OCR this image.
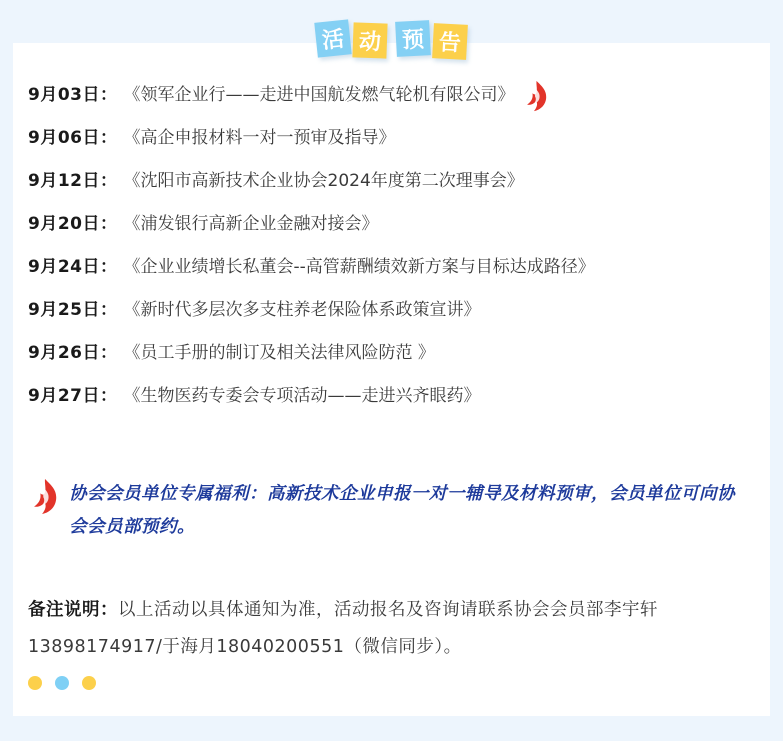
活 动 预 告
9月03日： 《领军企业行——走进中国航发燃气轮机有限公司》
9月06日： 《高企申报材料一对一预审及指导》
9月12日： 《沈阳市高新技术企业协会2024年度第二次理事会》
9月20日： 《浦发银行高新企业金融对接会》
9月24日： 《企业业绩增长私董会--高管薪酬绩效新方案与目标达成路径》
9月25日： 《新时代多层次多支柱养老保险体系政策宣讲》
9月26日： 《员工手册的制订及相关法律风险防范 》
9月27日： 《生物医药专委会专项活动——走进兴齐眼药》
协会会员单位专属福利：高新技术企业申报一对一辅导及材料预审，会员单位可向协会会员部预约。
备注说明：以上活动以具体通知为准，活动报名及咨询请联系协会会员部李宇轩13898174917/于海月18040200551（微信同步）。
